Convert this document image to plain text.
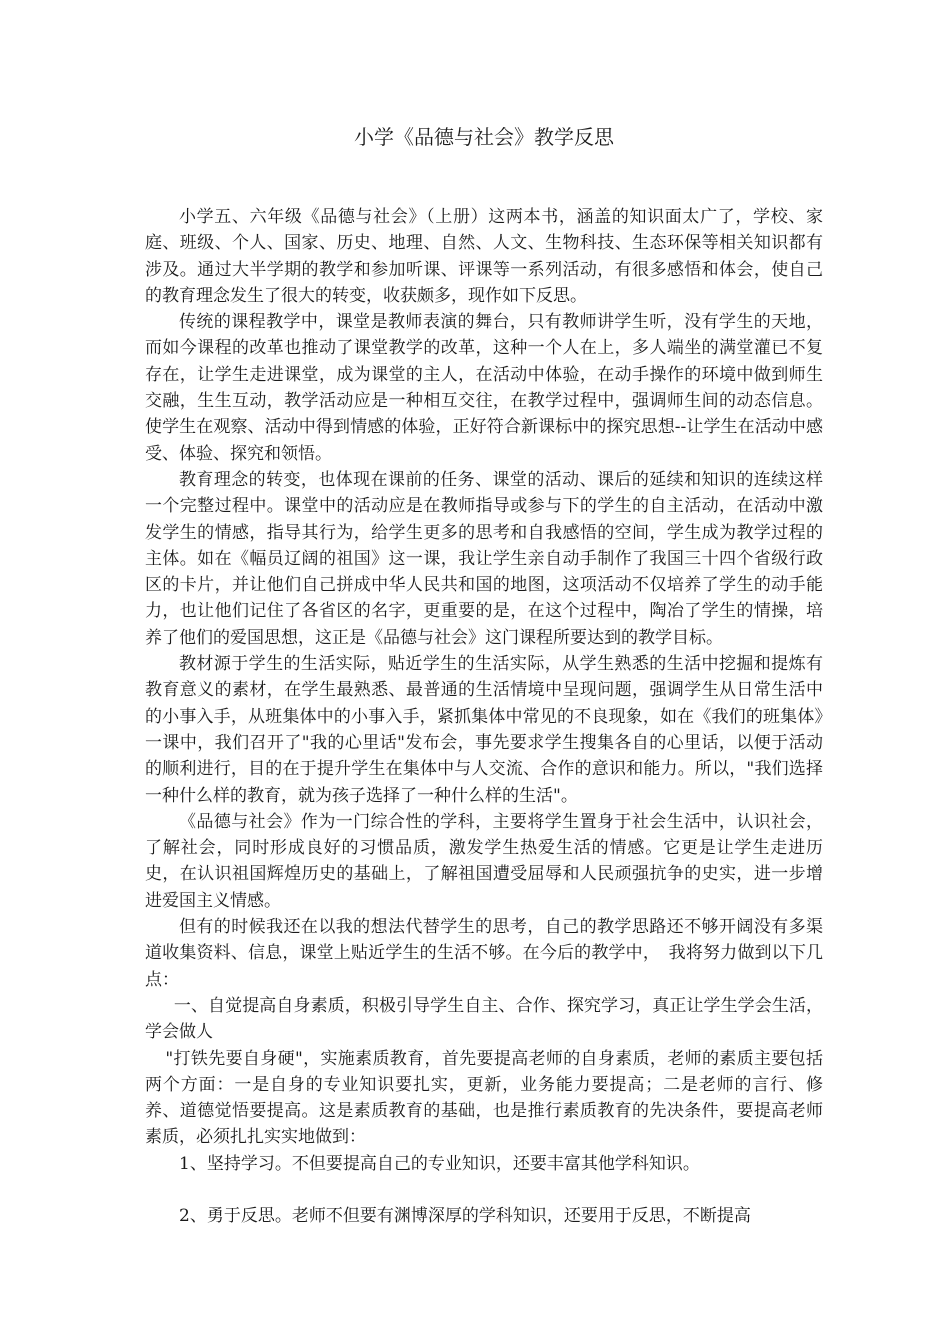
小学《品德与社会》教学反思

小学五、六年级《品德与社会》（上册）这两本书，涵盖的知识面太广了，学校、家庭、班级、个人、国家、历史、地理、自然、人文、生物科技、生态环保等相关知识都有涉及。通过大半学期的教学和参加听课、评课等一系列活动，有很多感悟和体会，使自己的教育理念发生了很大的转变，收获颇多，现作如下反思。

传统的课程教学中，课堂是教师表演的舞台，只有教师讲学生听，没有学生的天地，而如今课程的改革也推动了课堂教学的改革，这种一个人在上，多人端坐的满堂灌已不复存在，让学生走进课堂，成为课堂的主人，在活动中体验，在动手操作的环境中做到师生交融，生生互动，教学活动应是一种相互交往，在教学过程中，强调师生间的动态信息。使学生在观察、活动中得到情感的体验，正好符合新课标中的探究思想--让学生在活动中感受、体验、探究和领悟。

教育理念的转变，也体现在课前的任务、课堂的活动、课后的延续和知识的连续这样一个完整过程中。课堂中的活动应是在教师指导或参与下的学生的自主活动，在活动中激发学生的情感，指导其行为，给学生更多的思考和自我感悟的空间，学生成为教学过程的主体。如在《幅员辽阔的祖国》这一课，我让学生亲自动手制作了我国三十四个省级行政区的卡片，并让他们自己拼成中华人民共和国的地图，这项活动不仅培养了学生的动手能力，也让他们记住了各省区的名字，更重要的是，在这个过程中，陶冶了学生的情操，培养了他们的爱国思想，这正是《品德与社会》这门课程所要达到的教学目标。

教材源于学生的生活实际，贴近学生的生活实际，从学生熟悉的生活中挖掘和提炼有教育意义的素材，在学生最熟悉、最普通的生活情境中呈现问题，强调学生从日常生活中的小事入手，从班集体中的小事入手，紧抓集体中常见的不良现象，如在《我们的班集体》一课中，我们召开了"我的心里话"发布会，事先要求学生搜集各自的心里话，以便于活动的顺利进行，目的在于提升学生在集体中与人交流、合作的意识和能力。所以，"我们选择一种什么样的教育，就为孩子选择了一种什么样的生活"。

《品德与社会》作为一门综合性的学科，主要将学生置身于社会生活中，认识社会，了解社会，同时形成良好的习惯品质，激发学生热爱生活的情感。它更是让学生走进历史，在认识祖国辉煌历史的基础上，了解祖国遭受屈辱和人民顽强抗争的史实，进一步增进爱国主义情感。

但有的时候我还在以我的想法代替学生的思考，自己的教学思路还不够开阔没有多渠道收集资料、信息，课堂上贴近学生的生活不够。在今后的教学中，　我将努力做到以下几点：

一、自觉提高自身素质，积极引导学生自主、合作、探究学习，真正让学生学会生活，学会做人

"打铁先要自身硬"，实施素质教育，首先要提高老师的自身素质，老师的素质主要包括两个方面：一是自身的专业知识要扎实，更新，业务能力要提高；二是老师的言行、修养、道德觉悟要提高。这是素质教育的基础，也是推行素质教育的先决条件，要提高老师素质，必须扎扎实实地做到：

1、坚持学习。不但要提高自己的专业知识，还要丰富其他学科知识。

2、勇于反思。老师不但要有渊博深厚的学科知识，还要用于反思，不断提高
